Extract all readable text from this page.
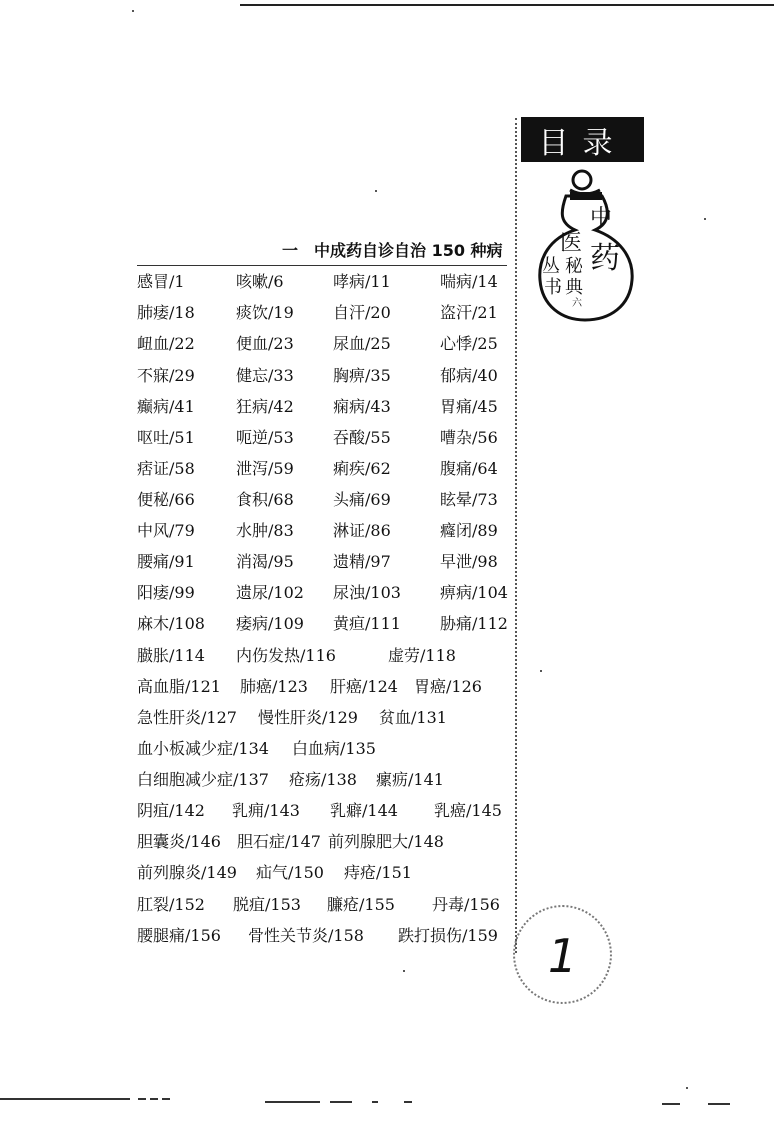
目录
中
医 药
丛 秘
书 典
六
一　中成药自诊自治 150 种病
感冒/1	咳嗽/6	哮病/11	喘病/14
肺痿/18	痰饮/19 自汗/20	盗汗/21
衄血/22	便血/23 尿血/25	心悸/25
不寐/29	健忘/33 胸痹/35	郁病/40
癫病/41	狂病/42 痫病/43	胃痛/45
呕吐/51	呃逆/53 吞酸/55	嘈杂/56
痞证/58	泄泻/59 痢疾/62	腹痛/64
便秘/66	食积/68 头痛/69	眩晕/73
中风/79	水肿/83 淋证/86	癃闭/89
腰痛/91	消渴/95 遗精/97	早泄/98
阳痿/99	遗尿/102 尿浊/103 痹病/104
麻木/108 痿病/109 黄疸/111 胁痛/112
臌胀/114 内伤发热/116	虚劳/118
高血脂/121 肺癌/123 肝癌/124 胃癌/126
急性肝炎/127 慢性肝炎/129 贫血/131
血小板减少症/134 白血病/135
白细胞减少症/137 疮疡/138 瘰疬/141
阴疽/142 乳痈/143 乳癖/144 乳癌/145
胆囊炎/146 胆石症/147 前列腺肥大/148
前列腺炎/149 疝气/150 痔疮/151
肛裂/152 脱疽/153 臁疮/155 丹毒/156
腰腿痛/156 骨性关节炎/158 跌打损伤/159	1
